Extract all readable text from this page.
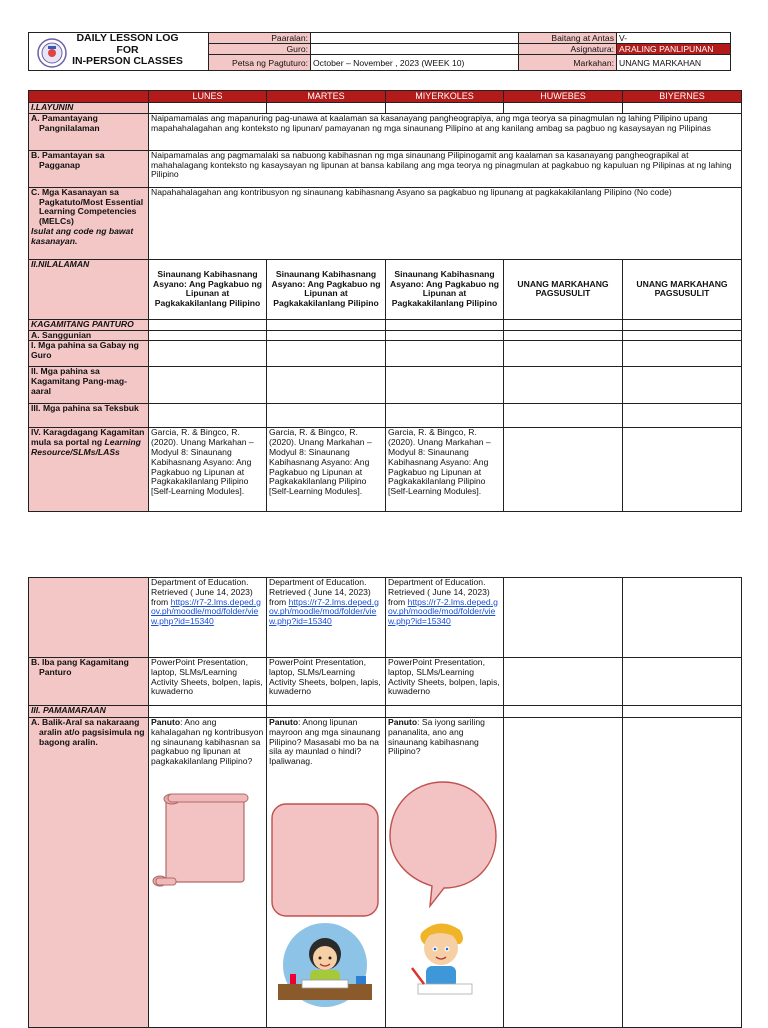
DAILY LESSON LOG
FOR
IN-PERSON CLASSES	Paaralan:		Baitang at Antas	V-
	Guro:		Asignatura:	ARALING PANLIPUNAN
	Petsa ng Pagtuturo:	October – November , 2023 (WEEK 10)	Markahan:	UNANG MARKAHAN
	LUNES	MARTES	MIYERKOLES	HUWEBES	BIYERNES
I.LAYUNIN					
A. Pamantayang Pangnilalaman	Naipamamalas ang mapanuring pag-unawa at kaalaman sa kasanayang pangheograpiya, ang mga teorya sa pinagmulan ng lahing Pilipino upang mapahahalagahan ang konteksto ng lipunan/ pamayanan ng mga sinaunang Pilipino at ang kanilang ambag sa pagbuo ng kasaysayan ng Pilipinas				
B. Pamantayan sa Pagganap	Naipamamalas ang pagmamalaki sa nabuong kabihasnan ng mga sinaunang Pilipinogamit ang kaalaman sa kasanayang pangheograpikal at mahahalagang konteksto ng kasaysayan ng lipunan at bansa kabilang ang mga teorya ng pinagmulan at pagkabuo ng kapuluan ng Pilipinas at ng lahing Pilipino				

C. Mga Kasanayan sa Pagkatuto/Most Essential Learning Competencies (MELCs)
Isulat ang code ng bawat kasanayan.	Napahahalagahan ang kontribusyon ng sinaunang kabihasnang Asyano sa pagkabuo ng lipunang at pagkakakilanlang Pilipino (No code)				
II.NILALAMAN	Sinaunang Kabihasnang Asyano: Ang Pagkabuo ng Lipunan at Pagkakakilanlang Pilipino	Sinaunang Kabihasnang Asyano: Ang Pagkabuo ng Lipunan at Pagkakakilanlang Pilipino	Sinaunang Kabihasnang Asyano: Ang Pagkabuo ng Lipunan at Pagkakakilanlang Pilipino	UNANG MARKAHANG PAGSUSULIT	UNANG MARKAHANG PAGSUSULIT
KAGAMITANG PANTURO					
A. Sanggunian					
I. Mga pahina sa Gabay ng Guro					
II. Mga pahina sa Kagamitang Pang-mag-aaral					
III. Mga pahina sa Teksbuk					
IV. Karagdagang Kagamitan mula sa portal ng Learning Resource/SLMs/LASs	Garcia, R. & Bingco, R. (2020). Unang Markahan – Modyul 8: Sinaunang Kabihasnang Asyano: Ang Pagkabuo ng Lipunan at Pagkakakilanlang Pilipino [Self-Learning Modules].	Garcia, R. & Bingco, R. (2020). Unang Markahan – Modyul 8: Sinaunang Kabihasnang Asyano: Ang Pagkabuo ng Lipunan at Pagkakakilanlang Pilipino [Self-Learning Modules].	Garcia, R. & Bingco, R. (2020). Unang Markahan – Modyul 8: Sinaunang Kabihasnang Asyano: Ang Pagkabuo ng Lipunan at Pagkakakilanlang Pilipino [Self-Learning Modules].		
	Department of Education. Retrieved ( June 14, 2023) from https://r7-2.lms.deped.gov.ph/moodle/mod/folder/view.php?id=15340	Department of Education. Retrieved ( June 14, 2023) from https://r7-2.lms.deped.gov.ph/moodle/mod/folder/view.php?id=15340	Department of Education. Retrieved ( June 14, 2023) from https://r7-2.lms.deped.gov.ph/moodle/mod/folder/view.php?id=15340		
B. Iba pang Kagamitang Panturo	PowerPoint Presentation, laptop, SLMs/Learning Activity Sheets, bolpen, lapis, kuwaderno	PowerPoint Presentation, laptop, SLMs/Learning Activity Sheets, bolpen, lapis, kuwaderno	PowerPoint Presentation, laptop, SLMs/Learning Activity Sheets, bolpen, lapis, kuwaderno		
III. PAMAMARAAN					
A. Balik-Aral sa nakaraang aralin at/o pagsisimula ng bagong aralin.	Panuto: Ano ang kahalagahan ng kontribusyon ng sinaunang kabihasnan sa pagkabuo ng lipunan at pagkakakilanlang Pilipino?	Panuto: Anong lipunan mayroon ang mga sinaunang Pilipino? Masasabi mo ba na sila ay maunlad o hindi? Ipaliwanag.	Panuto: Sa iyong sariling pananalita, ano ang sinaunang kabihasnang Pilipino?		
